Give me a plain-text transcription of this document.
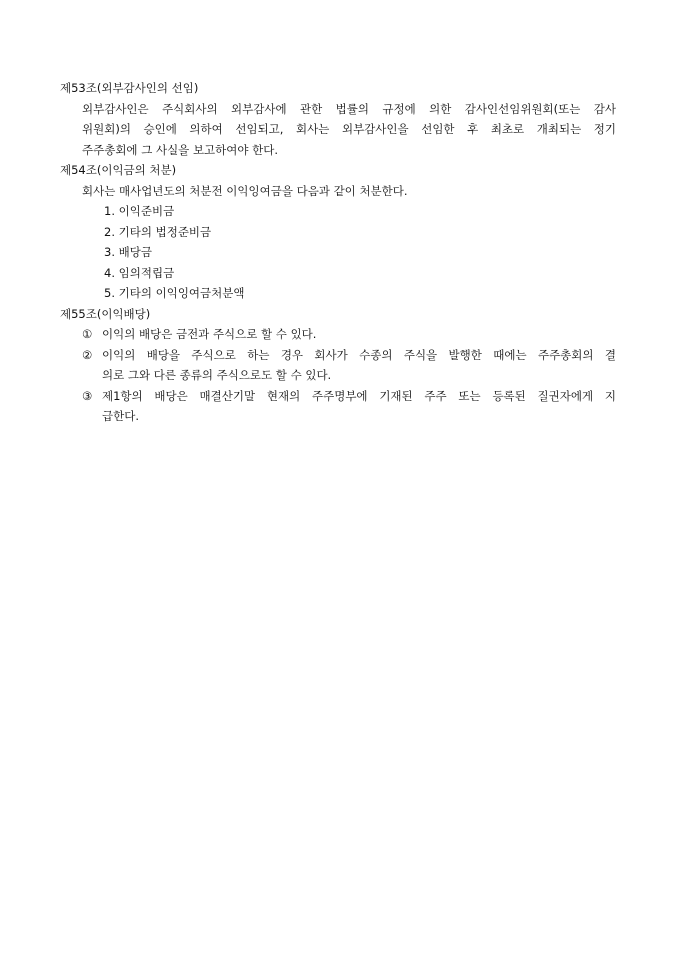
제53조(외부감사인의 선임)
외부감사인은 주식회사의 외부감사에 관한 법률의 규정에 의한 감사인선임위원회(또는 감사
위원회)의 승인에 의하여 선임되고, 회사는 외부감사인을 선임한 후 최초로 개최되는 정기
주주총회에 그 사실을 보고하여야 한다.
제54조(이익금의 처분)
회사는 매사업년도의 처분전 이익잉여금을 다음과 같이 처분한다.
1. 이익준비금
2. 기타의 법정준비금
3. 배당금
4. 임의적립금
5. 기타의 이익잉여금처분액
제55조(이익배당)
① 이익의 배당은 금전과 주식으로 할 수 있다.
② 이익의 배당을 주식으로 하는 경우 회사가 수종의 주식을 발행한 때에는 주주총회의 결
의로 그와 다른 종류의 주식으로도 할 수 있다.
③ 제1항의 배당은 매결산기말 현재의 주주명부에 기재된 주주 또는 등록된 질권자에게 지
급한다.
